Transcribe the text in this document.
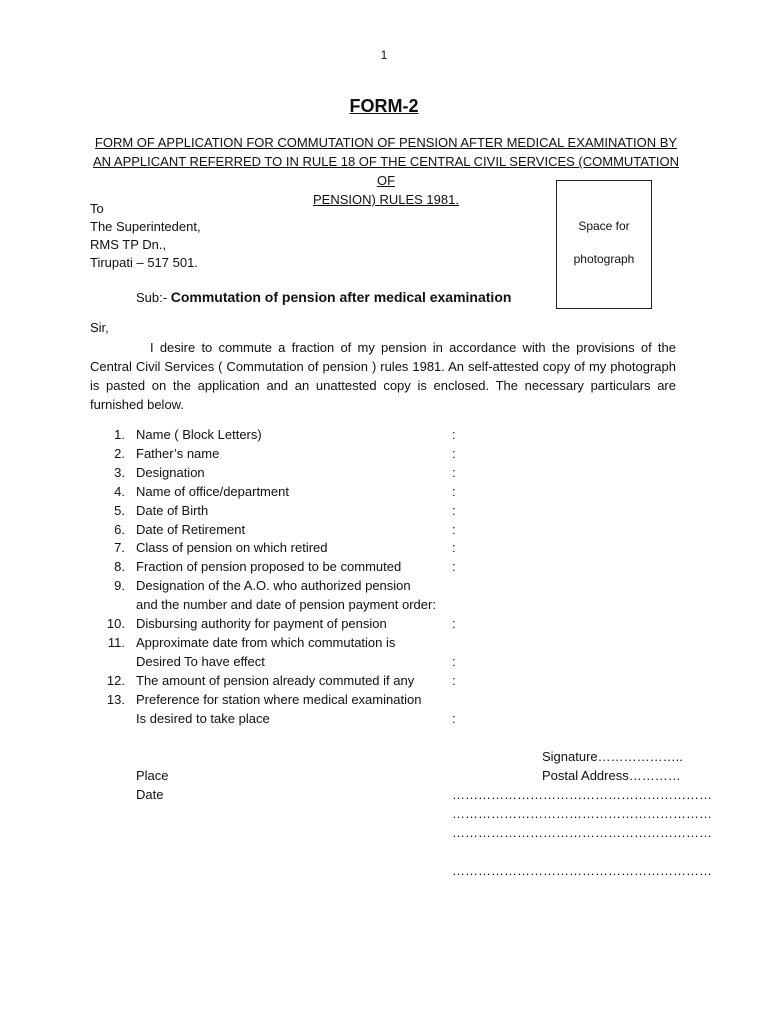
1
FORM-2
FORM OF APPLICATION FOR COMMUTATION OF PENSION AFTER MEDICAL EXAMINATION BY
AN APPLICANT REFERRED TO IN RULE 18 OF THE CENTRAL CIVIL SERVICES (COMMUTATION OF
PENSION) RULES 1981.
Space for
photograph
To
The Superintedent,
RMS TP Dn.,
Tirupati – 517 501.
Sub:- Commutation of pension after medical examination
Sir,
I desire to commute a fraction of my pension in accordance with the provisions of the Central Civil Services ( Commutation of pension ) rules 1981. An self-attested copy of my photograph is pasted on the application and an unattested copy is enclosed. The necessary particulars are furnished below.
1. Name ( Block Letters)	:
2. Father’s name	:
3. Designation	:
4. Name of office/department	:
5. Date of Birth	:
6. Date of Retirement	:
7. Class of pension on which retired	:
8. Fraction of pension proposed to be commuted	:
9. Designation of the A.O. who authorized pension
and the number and date of pension payment order:
10. Disbursing authority for payment of pension	:
11. Approximate date from which commutation is
Desired To have effect	:
12. The amount of pension already commuted if any	:
13. Preference for station where medical examination
Is desired to take place	:
Signature………………..
Place	Postal Address…………
Date	……………………………………………………
……………………………………………………
……………………………………………………
……………………………………………………
